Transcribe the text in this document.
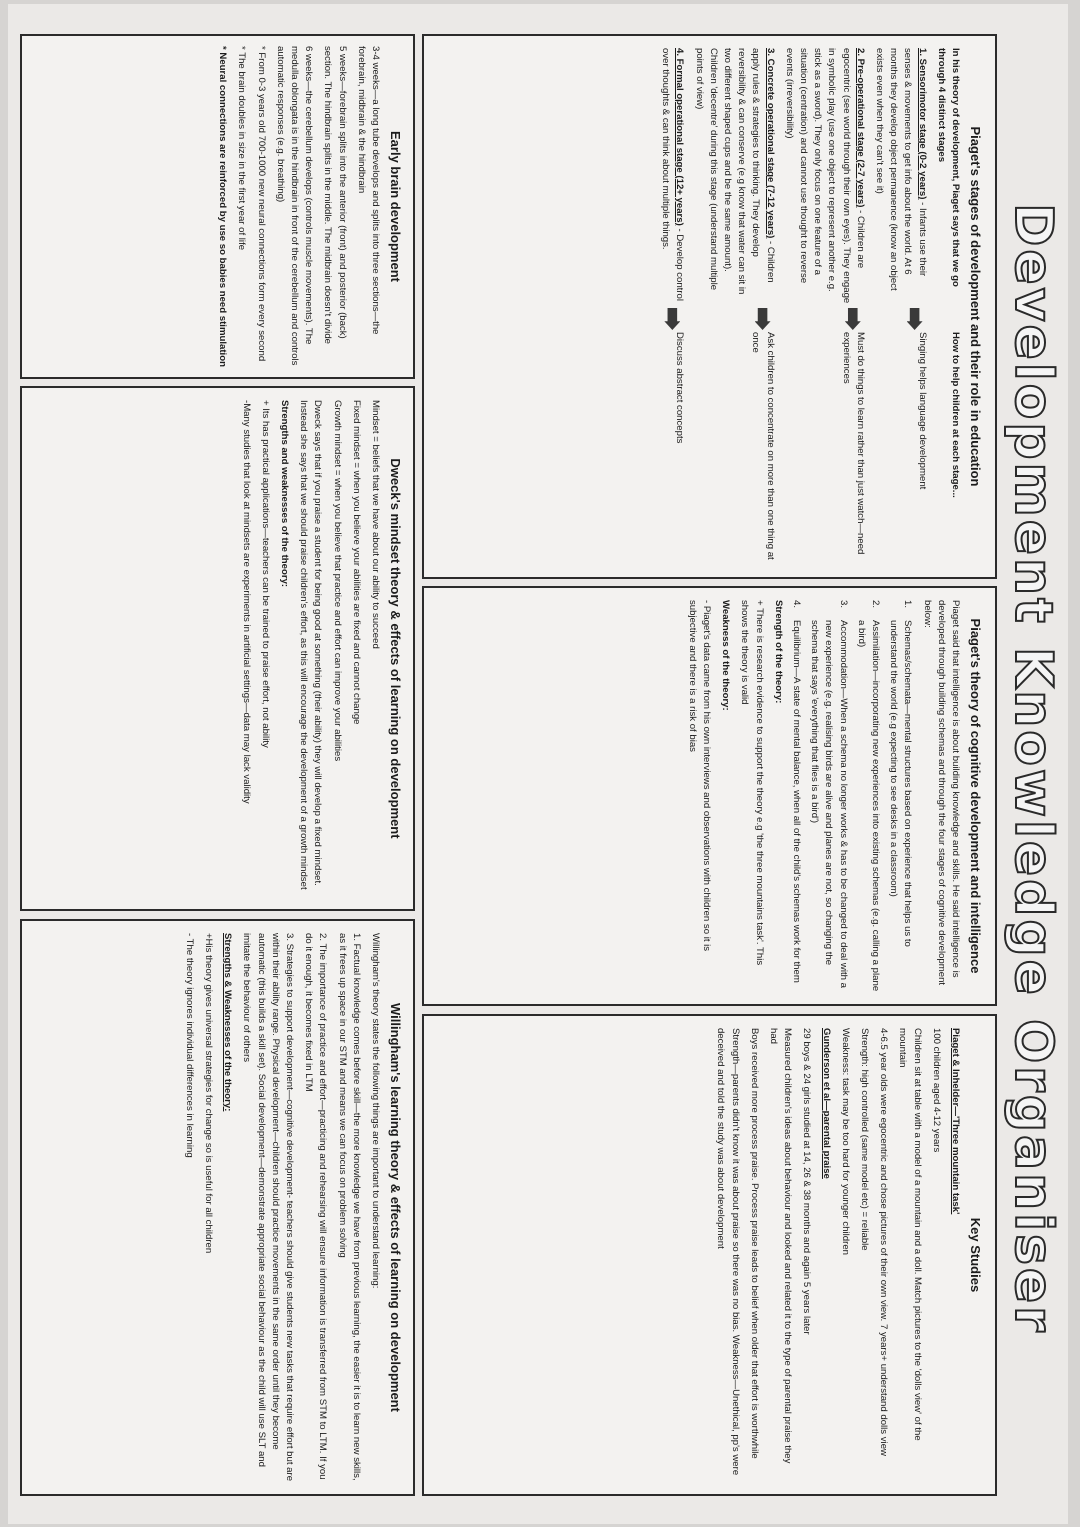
Development Knowledge Organiser
Piaget's stages of development and their role in education
In his theory of development, Piaget says that we go through 4 distinct stages
How to help children at each stage...
1. Sensorimotor stage (0-2 years) - Infants use their senses & movements to get info about the world. At 6 months they develop object permanence (know an object exists even when they can't see it)
Singing helps language development
2. Pre-operational stage (2-7 years) - Children are egocentric (see world through their own eyes). They engage in symbolic play (use one object to represent another e.g. stick as a sword). They only focus on one feature of a situation (centration) and cannot use thought to reverse events (irreversibility)
Must do things to learn rather than just watch—need experiences
3. Concrete operational stage (7-12 years) - Children apply rules & strategies to thinking. They develop reversibility & can conserve (e.g know that water can sit in two different shaped cups and be the same amount). Children 'decentre' during this stage (understand multiple points of view)
Ask children to concentrate on more than one thing at once
4. Formal operational stage (12+ years) - Develop control over thoughts & can think about multiple things.
Discuss abstract concepts
Early brain development

3-4 weeks—a long tube develops and splits into three sections—the forebrain, midbrain & the hindbrain

5 weeks—forebrain splits into the anterior (front) and posterior (back) section. The hindbrain splits in the middle. The midbrain doesn't divide

6 weeks—the cerebellum develops (controls muscle movements). The medulla oblongata is in the hindbrain in front of the cerebellum and controls automatic responses (e.g. breathing)

* From 0-3 years old 700-1000 new neural connections form every second

* The brain doubles in size in the first year of life

* Neural connections are reinforced by use so babies need stimulation

Piaget's theory of cognitive development and intelligence

Piaget said that intelligence is about building knowledge and skills. He said intelligence is developed through building schemas and through the four stages of cognitive development below:

1.
Schemas/schemata—mental structures based on experience that helps us to understand the world (e.g expecting to see desks in a classroom)
2.
Assimilation—incorporating new experiences into existing schemas (e.g. calling a plane a bird)
3.
Accommodation—When a schema no longer works & has to be changed to deal with a new experience (e.g. realising birds are alive and planes are not, so changing the schema that says 'everything that flies is a bird')
4.
Equilibrium—A state of mental balance, when all of the child's schemas work for them

Strength of the theory:

+ There is research evidence to support the theory e.g 'the three mountains task'. This shows the theory is valid

Weakness of the theory:

- Piaget's data came from his own interviews and observations with children so it is subjective and there is a risk of bias

Dweck's mindset theory & effects of learning on development

Mindset = beliefs that we have about our ability to succeed

Fixed mindset = when you believe your abilities are fixed and cannot change

Growth mindset = when you believe that practice and effort can improve your abilities

Dweck says that if you praise a student for being good at something (their ability) they will develop a fixed mindset. Instead she says that we should praise children's effort, as this will encourage the development of a growth mindset

Strengths and weaknesses of the theory:

+ Its has practical applications—teachers can be trained to praise effort, not ability

-Many studies that look at mindsets are experiments in artificial settings—data may lack validity

Key Studies

Piaget & Inhelder—'Three mountain task'

100 children aged 4-12 years

Children sit at table with a model of a mountain and a doll. Match pictures to the 'dolls view' of the mountain

4-6.5 year olds were egocentric and chose pictures of their own view. 7 years+ understand dolls view

Strength: high controlled (same model etc) = reliable

Weakness: task may be too hard for younger children

Gunderson et al—parental praise

29 boys & 24 girls studied at 14, 26 & 38 months and again 5 years later

Measured children's ideas about behaviour and looked and related it to the type of parental praise they had

Boys received more process praise. Process praise leads to belief when older that effort is worthwhile

Strength—parents didn't know it was about praise so there was no bias. Weakness—Unethical, pp's were deceived and told the study was about development

Willingham's learning theory & effects of learning on development

Willingham's theory states the following things are important to understand learning:

1. Factual knowledge comes before skill—the more knowledge we have from previous learning, the easier it is to learn new skills, as it frees up space in our STM and means we can focus on problem solving

2. The importance of practice and effort—practicing and rehearsing will ensure information is transferred from STM to LTM. If you do it enough, it becomes fixed in LTM

3. Strategies to support development—cognitive development- teachers should give students new tasks that require effort but are within their ability range. Physical development—children should practice movements in the same order until they become automatic (this builds a skill set). Social development—demonstrate appropriate social behaviour as the child will use SLT and imitate the behaviour of others

Strengths & Weaknesses of the theory:

+His theory gives universal strategies for change so is useful for all children

- The theory ignores individual differences in learning
